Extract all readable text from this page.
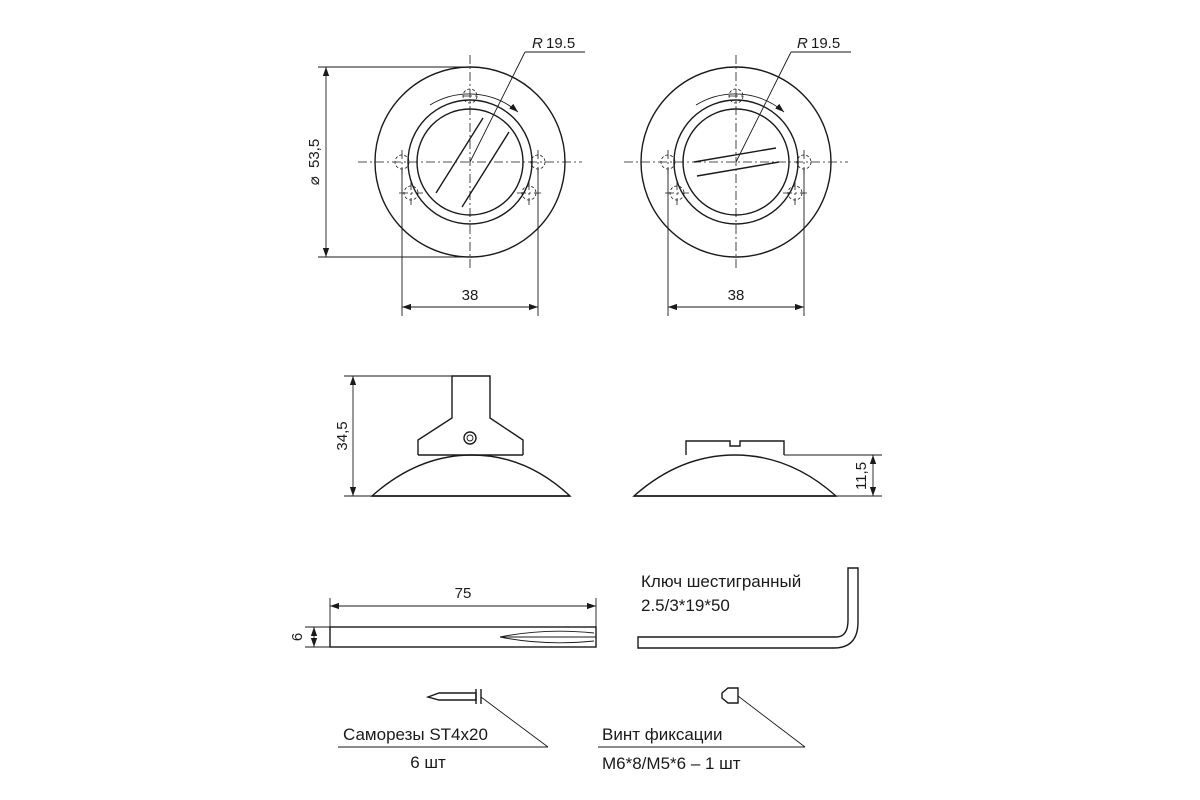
R 19.5
⌀ 53,5
38
R 19.5
38
34,5
11,5
75
6
Ключ шестигранный
2.5/3*19*50
Саморезы ST4x20
6 шт
Винт фиксации
M6*8/M5*6 – 1 шт
